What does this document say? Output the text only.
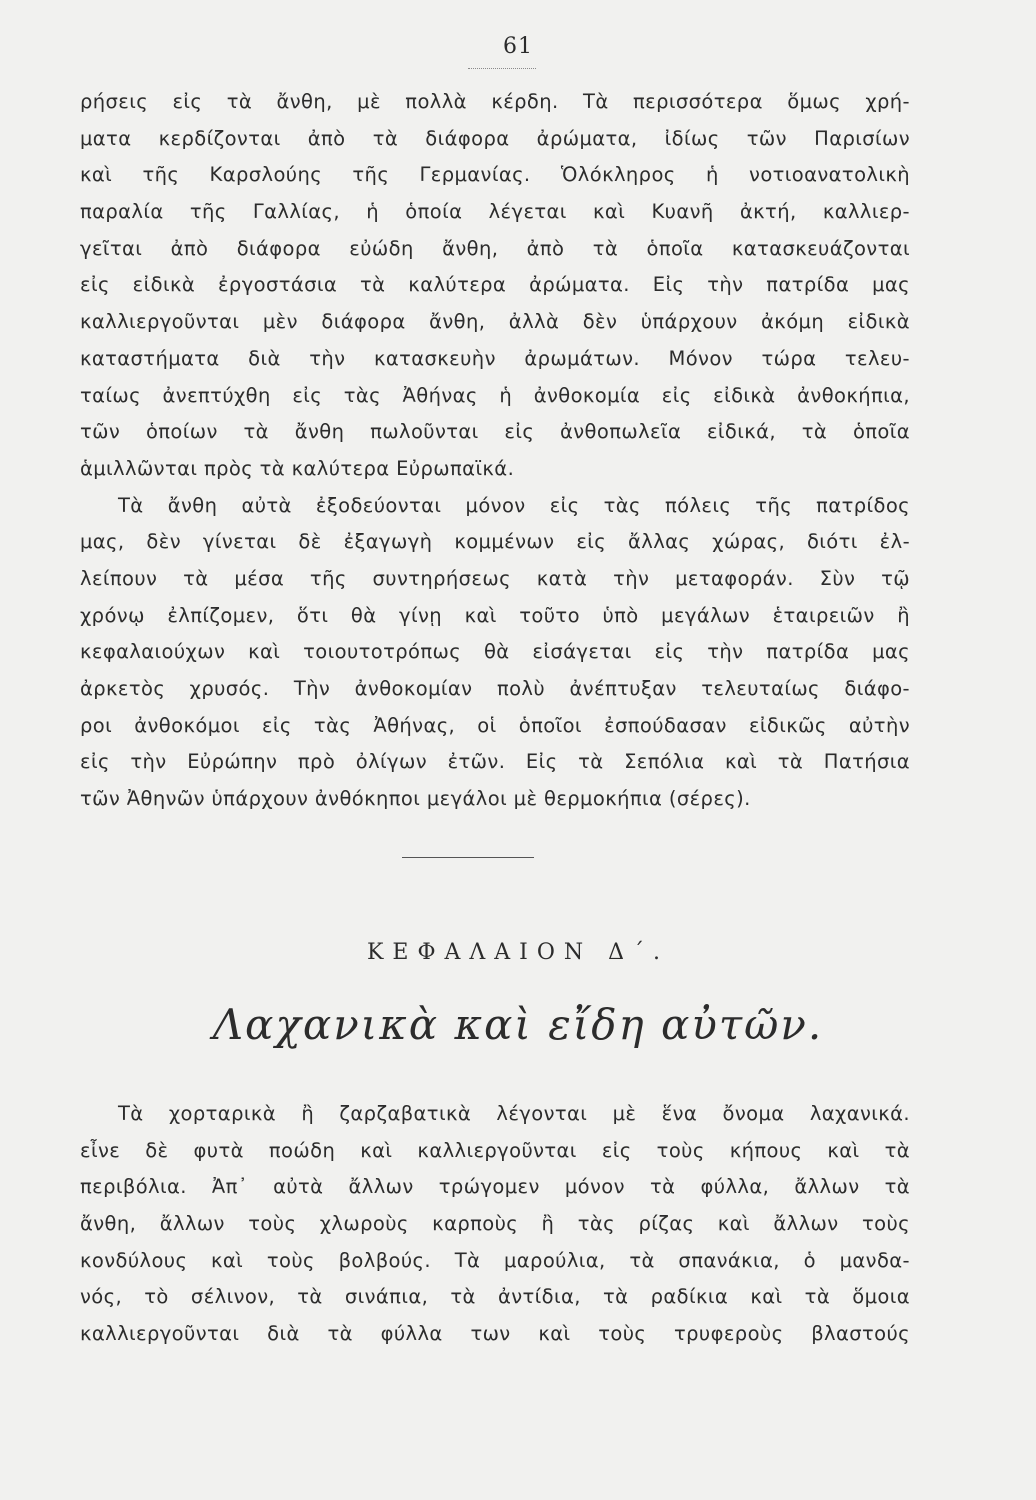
61
ρήσεις εἰς τὰ ἄνθη, μὲ πολλὰ κέρδη. Τὰ περισσότερα ὅμως χρή-
ματα κερδίζονται ἀπὸ τὰ διάφορα ἀρώματα, ἰδίως τῶν Παρισίων
καὶ τῆς Καρσλούης τῆς Γερμανίας. Ὁλόκληρος ἡ νοτιοανατολικὴ
παραλία τῆς Γαλλίας, ἡ ὁποία λέγεται καὶ Κυανῆ ἀκτή, καλλιερ-
γεῖται ἀπὸ διάφορα εὐώδη ἄνθη, ἀπὸ τὰ ὁποῖα κατασκευάζονται
εἰς εἰδικὰ ἐργοστάσια τὰ καλύτερα ἀρώματα. Εἰς τὴν πατρίδα μας
καλλιεργοῦνται μὲν διάφορα ἄνθη, ἀλλὰ δὲν ὑπάρχουν ἀκόμη εἰδικὰ
καταστήματα διὰ τὴν κατασκευὴν ἀρωμάτων. Μόνον τώρα τελευ-
ταίως ἀνεπτύχθη εἰς τὰς Ἀθήνας ἡ ἀνθοκομία εἰς εἰδικὰ ἀνθοκήπια,
τῶν ὁποίων τὰ ἄνθη πωλοῦνται εἰς ἀνθοπωλεῖα εἰδικά, τὰ ὁποῖα
ἁμιλλῶνται πρὸς τὰ καλύτερα Εὐρωπαϊκά.
Τὰ ἄνθη αὐτὰ ἐξοδεύονται μόνον εἰς τὰς πόλεις τῆς πατρίδος
μας, δὲν γίνεται δὲ ἐξαγωγὴ κομμένων εἰς ἄλλας χώρας, διότι ἐλ-
λείπουν τὰ μέσα τῆς συντηρήσεως κατὰ τὴν μεταφοράν. Σὺν τῷ
χρόνῳ ἐλπίζομεν, ὅτι θὰ γίνῃ καὶ τοῦτο ὑπὸ μεγάλων ἑταιρειῶν ἢ
κεφαλαιούχων καὶ τοιουτοτρόπως θὰ εἰσάγεται εἰς τὴν πατρίδα μας
ἀρκετὸς χρυσός. Τὴν ἀνθοκομίαν πολὺ ἀνέπτυξαν τελευταίως διάφο-
ροι ἀνθοκόμοι εἰς τὰς Ἀθήνας, οἱ ὁποῖοι ἐσπούδασαν εἰδικῶς αὐτὴν
εἰς τὴν Εὐρώπην πρὸ ὀλίγων ἐτῶν. Εἰς τὰ Σεπόλια καὶ τὰ Πατήσια
τῶν Ἀθηνῶν ὑπάρχουν ἀνθόκηποι μεγάλοι μὲ θερμοκήπια (σέρες).
ΚΕΦΑΛΑΙΟΝ Δ΄.
Λαχανικὰ καὶ εἴδη αὐτῶν.
Τὰ χορταρικὰ ἢ ζαρζαβατικὰ λέγονται μὲ ἕνα ὄνομα λαχανικά.
εἶνε δὲ φυτὰ ποώδη καὶ καλλιεργοῦνται εἰς τοὺς κήπους καὶ τὰ
περιβόλια. Ἀπ᾿ αὐτὰ ἄλλων τρώγομεν μόνον τὰ φύλλα, ἄλλων τὰ
ἄνθη, ἄλλων τοὺς χλωροὺς καρποὺς ἢ τὰς ρίζας καὶ ἄλλων τοὺς
κονδύλους καὶ τοὺς βολβούς. Τὰ μαρούλια, τὰ σπανάκια, ὁ μανδα-
νός, τὸ σέλινον, τὰ σινάπια, τὰ ἀντίδια, τὰ ραδίκια καὶ τὰ ὅμοια
καλλιεργοῦνται διὰ τὰ φύλλα των καὶ τοὺς τρυφεροὺς βλαστούς
